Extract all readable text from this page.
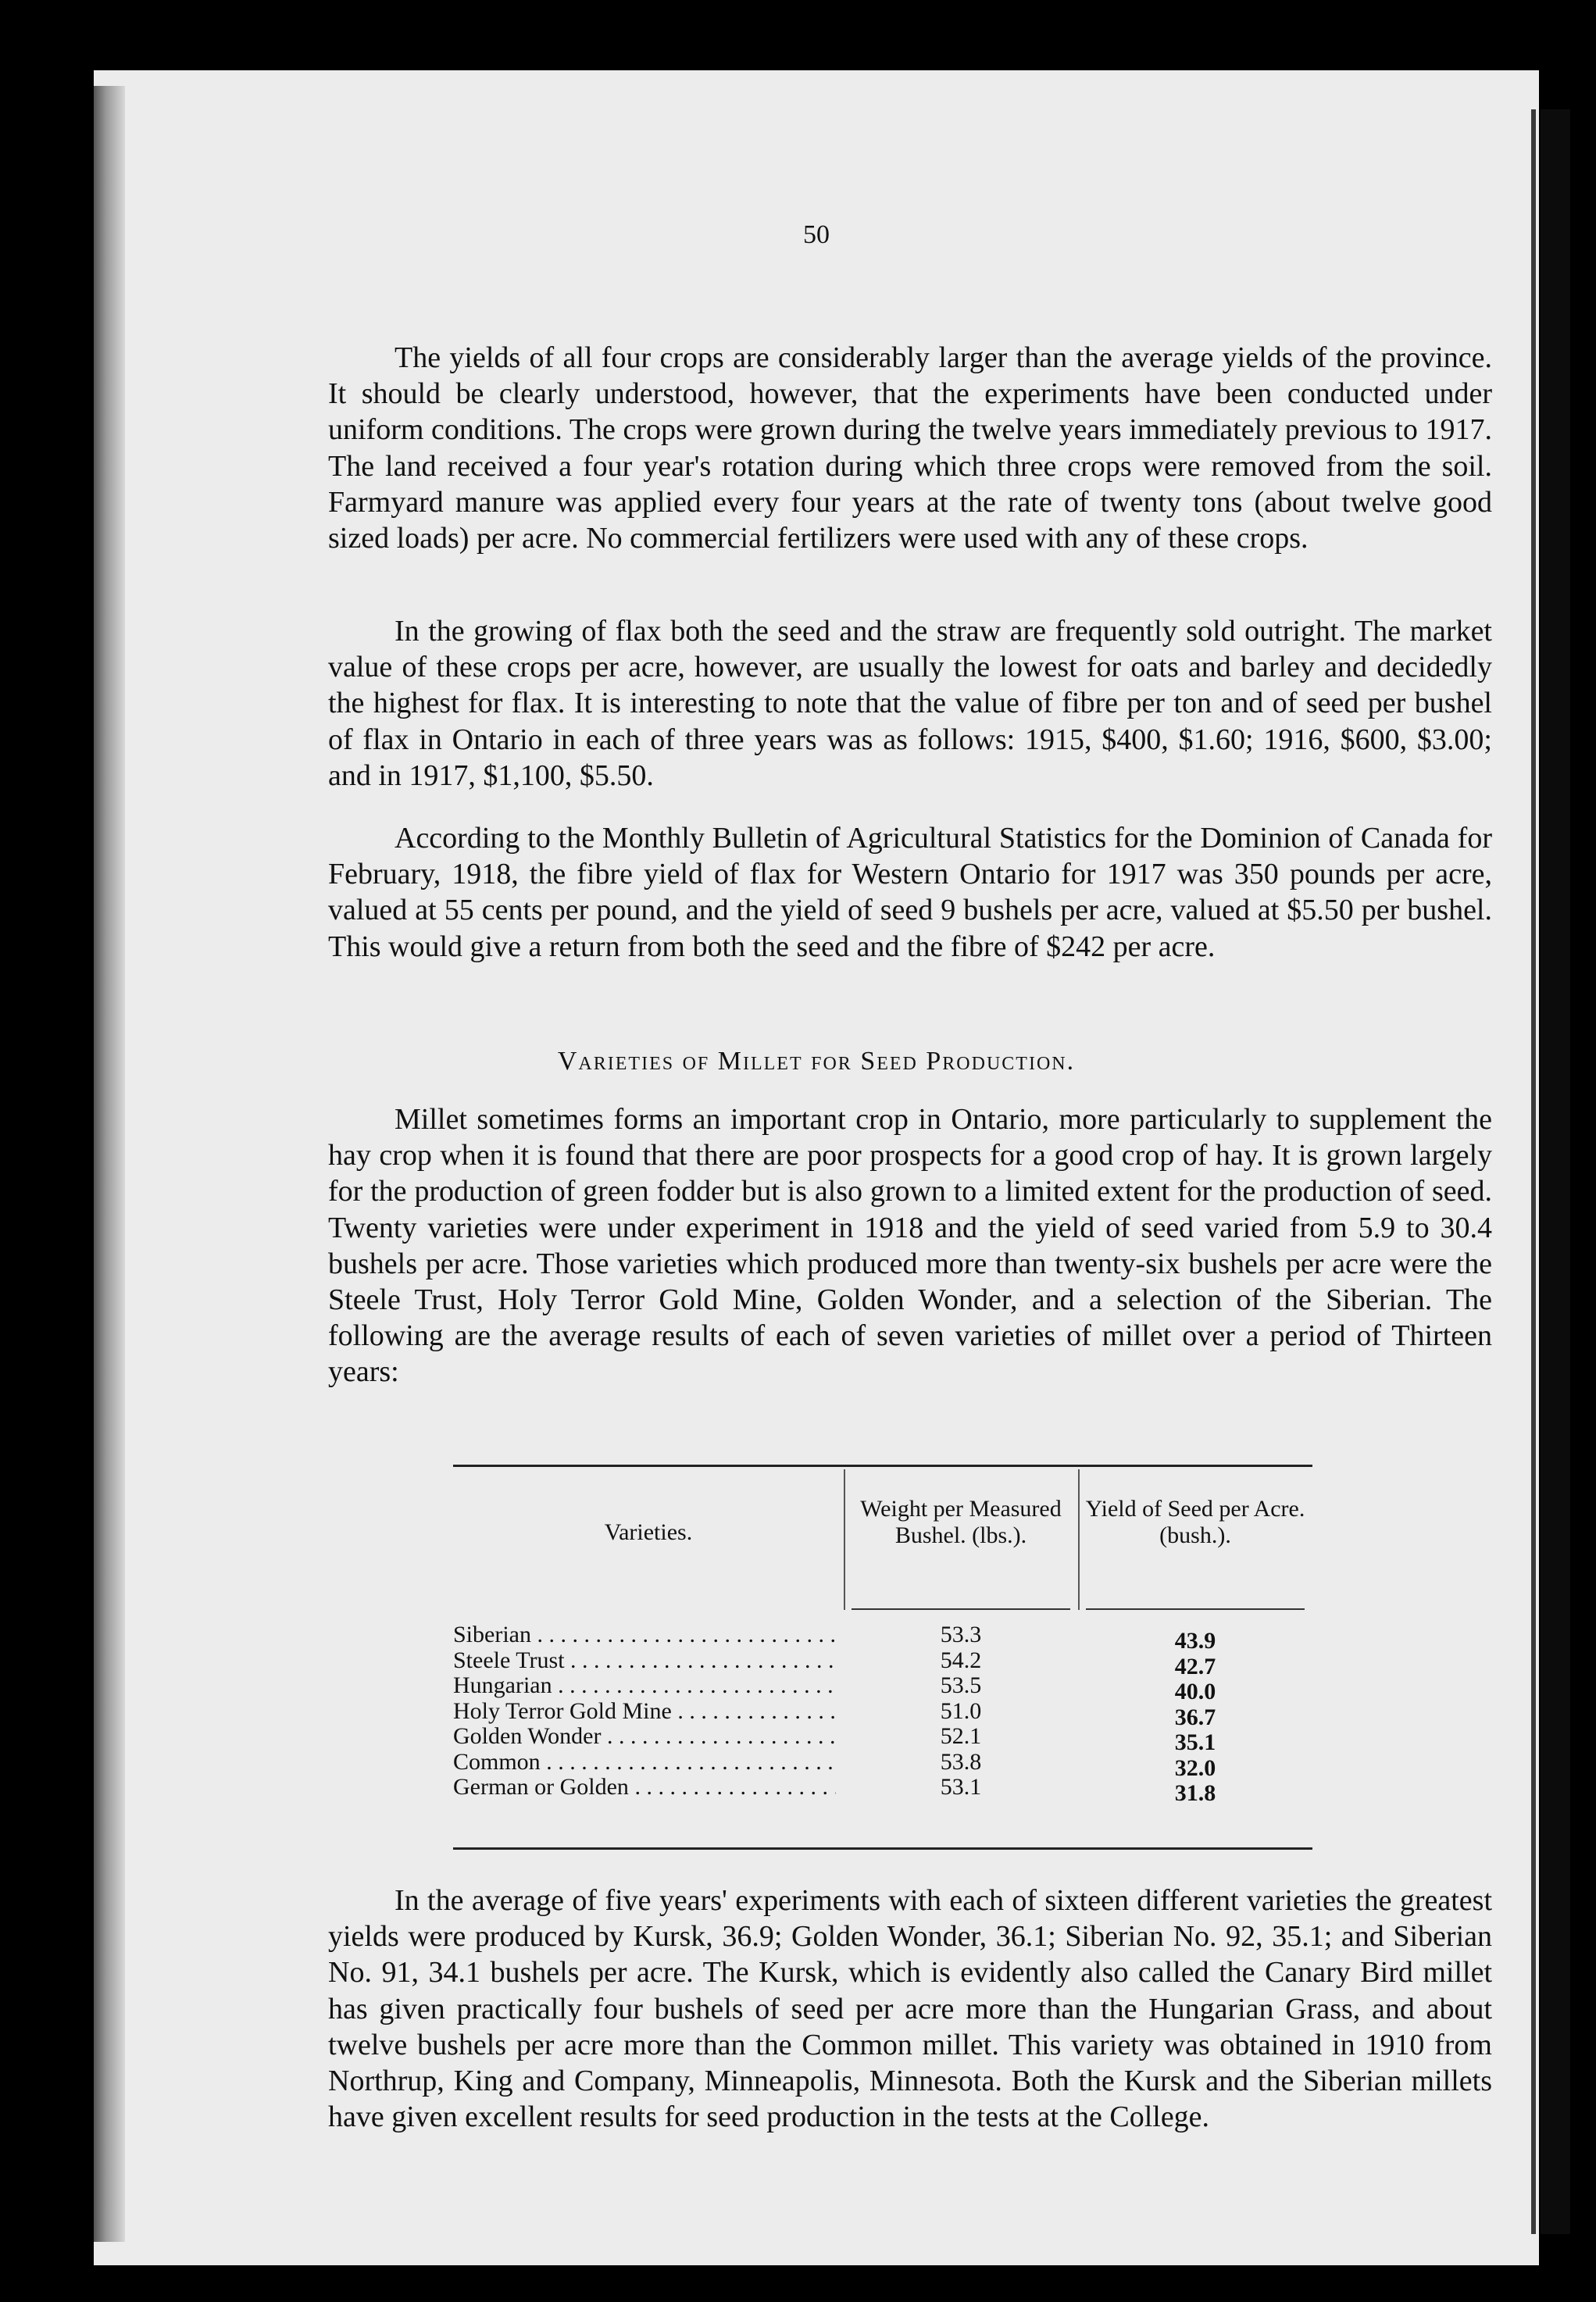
50

The yields of all four crops are considerably larger than the average yields of the province. It should be clearly understood, however, that the experiments have been conducted under uniform conditions. The crops were grown during the twelve years immediately previous to 1917. The land received a four year's rotation during which three crops were removed from the soil. Farmyard manure was applied every four years at the rate of twenty tons (about twelve good sized loads) per acre. No commercial fertilizers were used with any of these crops.

In the growing of flax both the seed and the straw are frequently sold outright. The market value of these crops per acre, however, are usually the lowest for oats and barley and decidedly the highest for flax. It is interesting to note that the value of fibre per ton and of seed per bushel of flax in Ontario in each of three years was as follows: 1915, $400, $1.60; 1916, $600, $3.00; and in 1917, $1,100, $5.50.

According to the Monthly Bulletin of Agricultural Statistics for the Dominion of Canada for February, 1918, the fibre yield of flax for Western Ontario for 1917 was 350 pounds per acre, valued at 55 cents per pound, and the yield of seed 9 bushels per acre, valued at $5.50 per bushel. This would give a return from both the seed and the fibre of $242 per acre.

Varieties of Millet for Seed Production.

Millet sometimes forms an important crop in Ontario, more particularly to supplement the hay crop when it is found that there are poor prospects for a good crop of hay. It is grown largely for the production of green fodder but is also grown to a limited extent for the production of seed. Twenty varieties were under experiment in 1918 and the yield of seed varied from 5.9 to 30.4 bushels per acre. Those varieties which produced more than twenty-six bushels per acre were the Steele Trust, Holy Terror Gold Mine, Golden Wonder, and a selection of the Siberian. The following are the average results of each of seven varieties of millet over a period of Thirteen years:

Varieties.
Weight per Measured Bushel. (lbs.).
Yield of Seed per Acre. (bush.).
Siberian . . .	53.3	43.9
Steele Trust . . .	54.2	42.7
Hungarian . . .	53.5	40.0
Holy Terror Gold Mine . . .	51.0	36.7
Golden Wonder . . .	52.1	35.1
Common . . .	53.8	32.0
German or Golden . . .	53.1	31.8

In the average of five years' experiments with each of sixteen different varieties the greatest yields were produced by Kursk, 36.9; Golden Wonder, 36.1; Siberian No. 92, 35.1; and Siberian No. 91, 34.1 bushels per acre. The Kursk, which is evidently also called the Canary Bird millet has given practically four bushels of seed per acre more than the Hungarian Grass, and about twelve bushels per acre more than the Common millet. This variety was obtained in 1910 from Northrup, King and Company, Minneapolis, Minnesota. Both the Kursk and the Siberian millets have given excellent results for seed production in the tests at the College.
